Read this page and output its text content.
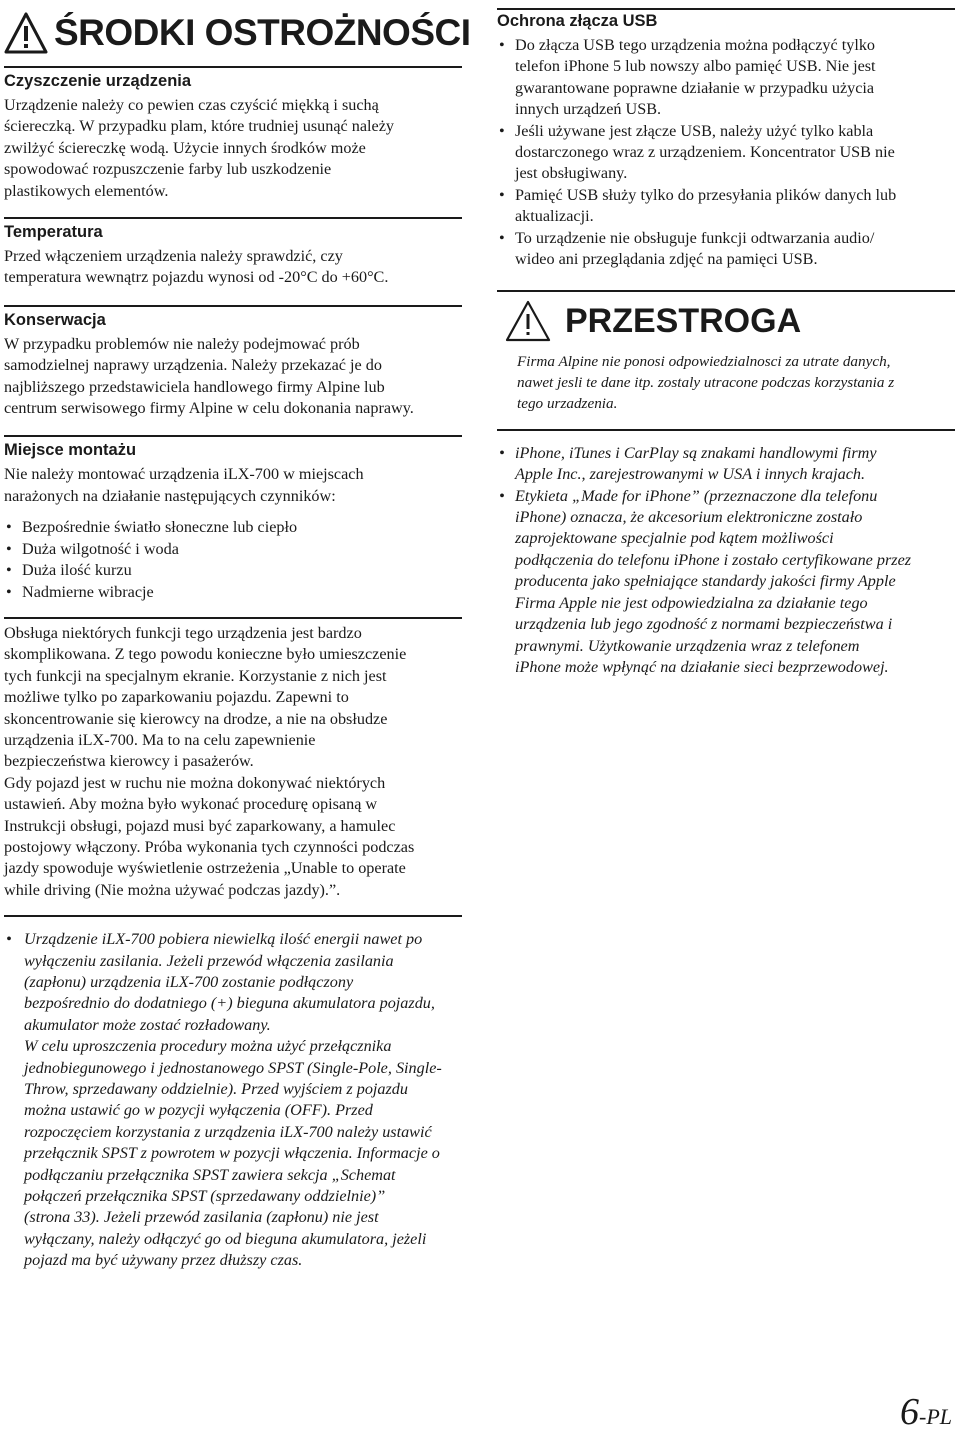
ŚRODKI OSTROŻNOŚCI
Czyszczenie urządzenia
Urządzenie należy co pewien czas czyścić miękką i suchą
ściereczką. W przypadku plam, które trudniej usunąć należy
zwilżyć ściereczkę wodą. Użycie innych środków może
spowodować rozpuszczenie farby lub uszkodzenie
plastikowych elementów.
Temperatura
Przed włączeniem urządzenia należy sprawdzić, czy
temperatura wewnątrz pojazdu wynosi od -20°C do +60°C.
Konserwacja
W przypadku problemów nie należy podejmować prób
samodzielnej naprawy urządzenia. Należy przekazać je do
najbliższego przedstawiciela handlowego firmy Alpine lub
centrum serwisowego firmy Alpine w celu dokonania naprawy.
Miejsce montażu
Nie należy montować urządzenia iLX-700 w miejscach
narażonych na działanie następujących czynników:
• Bezpośrednie światło słoneczne lub ciepło
• Duża wilgotność i woda
• Duża ilość kurzu
• Nadmierne wibracje
Obsługa niektórych funkcji tego urządzenia jest bardzo
skomplikowana. Z tego powodu konieczne było umieszczenie
tych funkcji na specjalnym ekranie. Korzystanie z nich jest
możliwe tylko po zaparkowaniu pojazdu. Zapewni to
skoncentrowanie się kierowcy na drodze, a nie na obsłudze
urządzenia iLX-700. Ma to na celu zapewnienie
bezpieczeństwa kierowcy i pasażerów.
Gdy pojazd jest w ruchu nie można dokonywać niektórych
ustawień. Aby można było wykonać procedurę opisaną w
Instrukcji obsługi, pojazd musi być zaparkowany, a hamulec
postojowy włączony. Próba wykonania tych czynności podczas
jazdy spowoduje wyświetlenie ostrzeżenia „Unable to operate
while driving (Nie można używać podczas jazdy).”.
• Urządzenie iLX-700 pobiera niewielką ilość energii nawet po
wyłączeniu zasilania. Jeżeli przewód włączenia zasilania
(zapłonu) urządzenia iLX-700 zostanie podłączony
bezpośrednio do dodatniego (+) bieguna akumulatora pojazdu,
akumulator może zostać rozładowany.
W celu uproszczenia procedury można użyć przełącznika
jednobiegunowego i jednostanowego SPST (Single-Pole, Single-
Throw, sprzedawany oddzielnie). Przed wyjściem z pojazdu
można ustawić go w pozycji wyłączenia (OFF). Przed
rozpoczęciem korzystania z urządzenia iLX-700 należy ustawić
przełącznik SPST z powrotem w pozycji włączenia. Informacje o
podłączaniu przełącznika SPST zawiera sekcja „Schemat
połączeń przełącznika SPST (sprzedawany oddzielnie)”
(strona 33). Jeżeli przewód zasilania (zapłonu) nie jest
wyłączany, należy odłączyć go od bieguna akumulatora, jeżeli
pojazd ma być używany przez dłuższy czas.
Ochrona złącza USB
• Do złącza USB tego urządzenia można podłączyć tylko
telefon iPhone 5 lub nowszy albo pamięć USB. Nie jest
gwarantowane poprawne działanie w przypadku użycia
innych urządzeń USB.
• Jeśli używane jest złącze USB, należy użyć tylko kabla
dostarczonego wraz z urządzeniem. Koncentrator USB nie
jest obsługiwany.
• Pamięć USB służy tylko do przesyłania plików danych lub
aktualizacji.
• To urządzenie nie obsługuje funkcji odtwarzania audio/
wideo ani przeglądania zdjęć na pamięci USB.
PRZESTROGA
Firma Alpine nie ponosi odpowiedzialnosci za utrate danych,
nawet jesli te dane itp. zostaly utracone podczas korzystania z
tego urzadzenia.
• iPhone, iTunes i CarPlay są znakami handlowymi firmy
Apple Inc., zarejestrowanymi w USA i innych krajach.
• Etykieta „Made for iPhone” (przeznaczone dla telefonu
iPhone) oznacza, że akcesorium elektroniczne zostało
zaprojektowane specjalnie pod kątem możliwości
podłączenia do telefonu iPhone i zostało certyfikowane przez
producenta jako spełniające standardy jakości firmy Apple
Firma Apple nie jest odpowiedzialna za działanie tego
urządzenia lub jego zgodność z normami bezpieczeństwa i
prawnymi. Użytkowanie urządzenia wraz z telefonem
iPhone może wpłynąć na działanie sieci bezprzewodowej.
6-PL
